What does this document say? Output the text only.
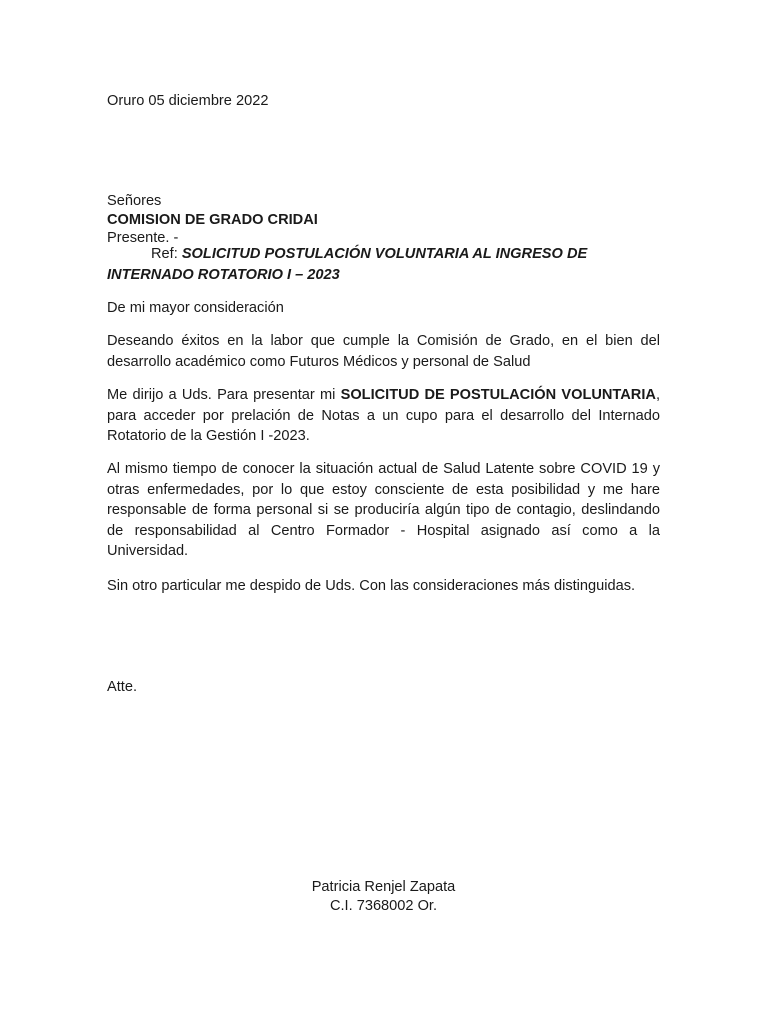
Oruro 05 diciembre 2022
Señores
COMISION DE GRADO CRIDAI
Presente. -
Ref: SOLICITUD POSTULACIÓN VOLUNTARIA AL INGRESO DE
INTERNADO ROTATORIO I – 2023
De mi mayor consideración

Deseando éxitos en la labor que cumple la Comisión de Grado, en el bien del desarrollo académico como Futuros Médicos y personal de Salud

Me dirijo a Uds. Para presentar mi SOLICITUD DE POSTULACIÓN VOLUNTARIA, para acceder por prelación de Notas a un cupo para el desarrollo del Internado Rotatorio de la Gestión I -2023.

Al mismo tiempo de conocer la situación actual de Salud Latente sobre COVID 19 y otras enfermedades, por lo que estoy consciente de esta posibilidad y me hare responsable de forma personal si se produciría algún tipo de contagio, deslindando de responsabilidad al Centro Formador - Hospital asignado así como a la Universidad.

Sin otro particular me despido de Uds. Con las consideraciones más distinguidas.
Atte.
Patricia Renjel Zapata
C.I. 7368002 Or.
